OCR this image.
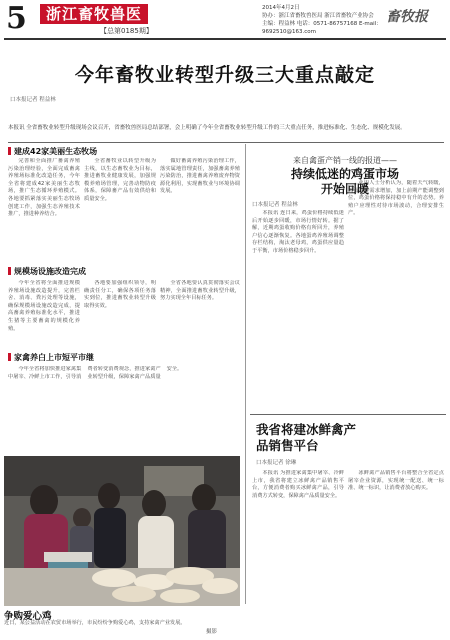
5	浙江畜牧兽医
【总第0185期】
2014年4月2日
协办：浙江省畜牧兽医局 浙江省畜牧产业协会
主编：程益林 电话：0571-86757168 E-mail：9692510@163.com
畜牧报
今年畜牧业转型升级三大重点敲定
口本报记者 程益林
本报讯 全省畜牧业转型升级现场会议召开，省畜牧兽医局总结部署，会上明确了今年全省畜牧业转型升级工作的三大重点任务，推进标准化、生态化、规模化发展。
建成42家美丽生态牧场

完善和全面推广畜禽养殖污染治理经验，全面完成畜禽养殖场标准化改造任务，今年全省将建成42家美丽生态牧场，推广生态循环养殖模式。各地要抓紧落实美丽生态牧场创建工作，加强生态养殖技术推广，推进种养结合。

全省畜牧业以转型升级为主线，以生态畜牧业为目标，推进畜牧业健康发展，加强规模养殖场管理，完善动物防疫体系，保障畜产品有效供给和质量安全。

做好畜禽养殖污染治理工作，落实属地管理责任，加强畜禽养殖污染防治，推进畜禽养殖废弃物资源化利用，实现畜牧业与环境协调发展。

规模场设施改造完成

今年全省将全面推进规模养殖场设施改造提升，完善栏舍、消毒、粪污处理等设施，确保规模场设施改造完成，提高畜禽养殖标准化水平，推进生猪等主要畜禽的规模化养殖。

各地要加强组织领导，明确责任分工，确保各项任务落实到位，推进畜牧业转型升级取得实效。

全省各地要认真贯彻落实会议精神，全面推进畜牧业转型升级，努力实现全年目标任务。

家禽养白上市短平市继

今年全省将加快推进家禽集中屠宰、冷鲜上市工作，引导消费者转变消费观念，推进家禽产业转型升级，保障家禽产品质量安全。

来自禽蛋产销一线的报道——
持续低迷的鸡蛋市场开始回暖
口本报记者 程益林

本报讯 连日来，鸡蛋价格持续低迷后开始逐步回暖，市场行情好转。据了解，近期鸡蛋收购价格有所回升，养殖户信心逐渐恢复。各地蛋鸡养殖场调整存栏结构，淘汰老母鸡，鸡蛋供应量趋于平衡，市场价格稳步回升。

业内人士分析认为，随着天气转暖，鸡蛋消费需求增加，加上前期产能调整到位，鸡蛋价格将保持稳中有升的态势。养殖户应理性对待市场波动，合理安排生产。

我省将建冰鲜禽产品销售平台
口本报记者 徐琳

本报讯 为推进家禽集中屠宰、冷鲜上市，我省将建立冰鲜禽产品销售平台，方便消费者购买冰鲜禽产品，引导消费方式转变，保障禽产品质量安全。

冰鲜禽产品销售平台将整合全省定点屠宰企业资源，实现统一配送、统一标准、统一标识，让消费者放心购买。

争购爱心鸡
近日，某公益活动在农贸市场举行，市民纷纷争购爱心鸡，支持家禽产业发展。
摄影
